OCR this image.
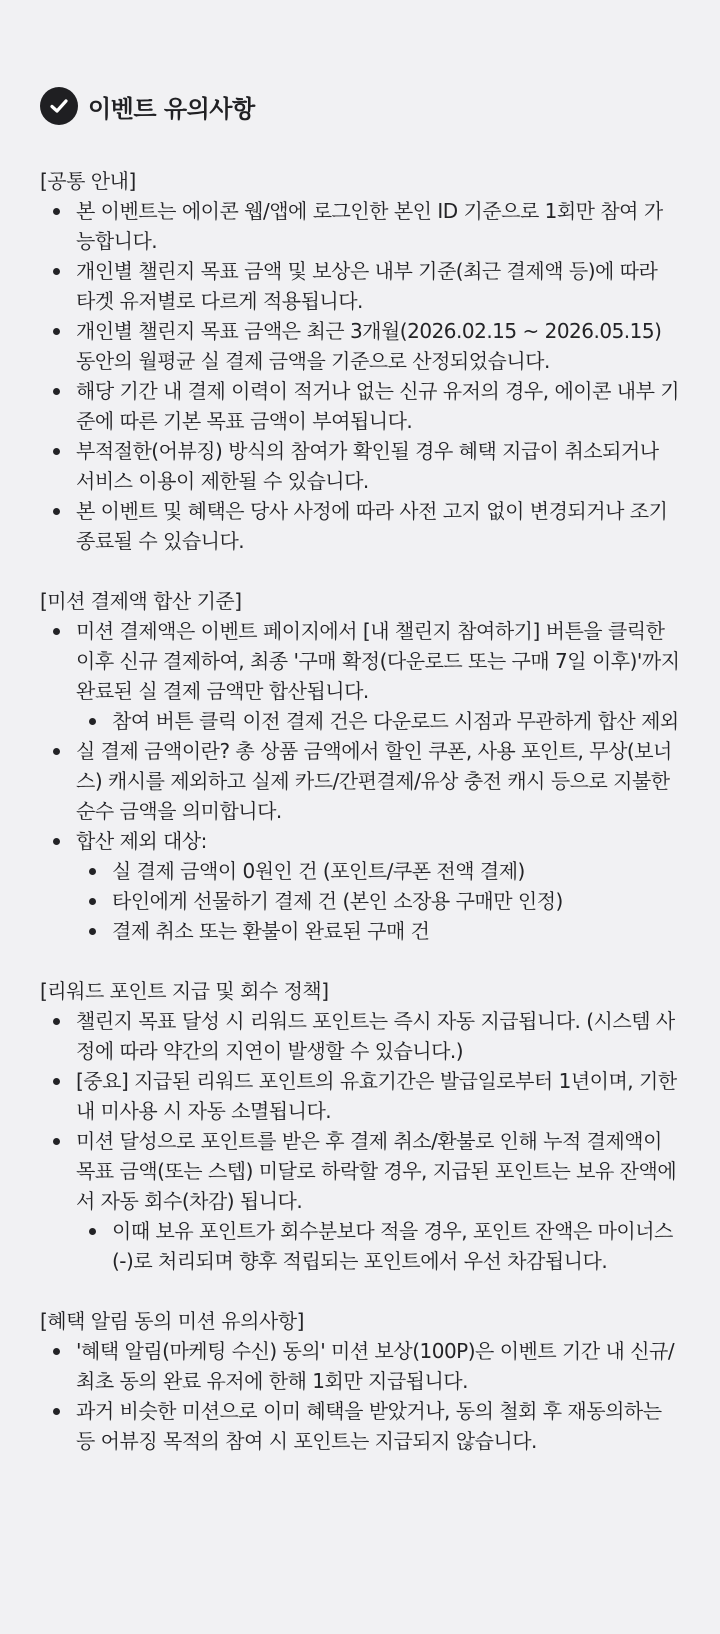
이벤트 유의사항

[공통 안내]

본 이벤트는 에이콘 웹/앱에 로그인한 본인 ID 기준으로 1회만 참여 가능합니다.
개인별 챌린지 목표 금액 및 보상은 내부 기준(최근 결제액 등)에 따라 타겟 유저별로 다르게 적용됩니다.
개인별 챌린지 목표 금액은 최근 3개월(2026.02.15 ~ 2026.05.15) 동안의 월평균 실 결제 금액을 기준으로 산정되었습니다.
해당 기간 내 결제 이력이 적거나 없는 신규 유저의 경우, 에이콘 내부 기준에 따른 기본 목표 금액이 부여됩니다.
부적절한(어뷰징) 방식의 참여가 확인될 경우 혜택 지급이 취소되거나 서비스 이용이 제한될 수 있습니다.
본 이벤트 및 혜택은 당사 사정에 따라 사전 고지 없이 변경되거나 조기 종료될 수 있습니다.

[미션 결제액 합산 기준]

미션 결제액은 이벤트 페이지에서 [내 챌린지 참여하기] 버튼을 클릭한 이후 신규 결제하여, 최종 '구매 확정(다운로드 또는 구매 7일 이후)'까지 완료된 실 결제 금액만 합산됩니다.
참여 버튼 클릭 이전 결제 건은 다운로드 시점과 무관하게 합산 제외
실 결제 금액이란? 총 상품 금액에서 할인 쿠폰, 사용 포인트, 무상(보너스) 캐시를 제외하고 실제 카드/간편결제/유상 충전 캐시 등으로 지불한 순수 금액을 의미합니다.
합산 제외 대상:
실 결제 금액이 0원인 건 (포인트/쿠폰 전액 결제)
타인에게 선물하기 결제 건 (본인 소장용 구매만 인정)
결제 취소 또는 환불이 완료된 구매 건

[리워드 포인트 지급 및 회수 정책]

챌린지 목표 달성 시 리워드 포인트는 즉시 자동 지급됩니다. (시스템 사정에 따라 약간의 지연이 발생할 수 있습니다.)
[중요] 지급된 리워드 포인트의 유효기간은 발급일로부터 1년이며, 기한 내 미사용 시 자동 소멸됩니다.
미션 달성으로 포인트를 받은 후 결제 취소/환불로 인해 누적 결제액이 목표 금액(또는 스텝) 미달로 하락할 경우, 지급된 포인트는 보유 잔액에서 자동 회수(차감) 됩니다.
이때 보유 포인트가 회수분보다 적을 경우, 포인트 잔액은 마이너스(-)로 처리되며 향후 적립되는 포인트에서 우선 차감됩니다.

[혜택 알림 동의 미션 유의사항]

'혜택 알림(마케팅 수신) 동의' 미션 보상(100P)은 이벤트 기간 내 신규/최초 동의 완료 유저에 한해 1회만 지급됩니다.
과거 비슷한 미션으로 이미 혜택을 받았거나, 동의 철회 후 재동의하는 등 어뷰징 목적의 참여 시 포인트는 지급되지 않습니다.
